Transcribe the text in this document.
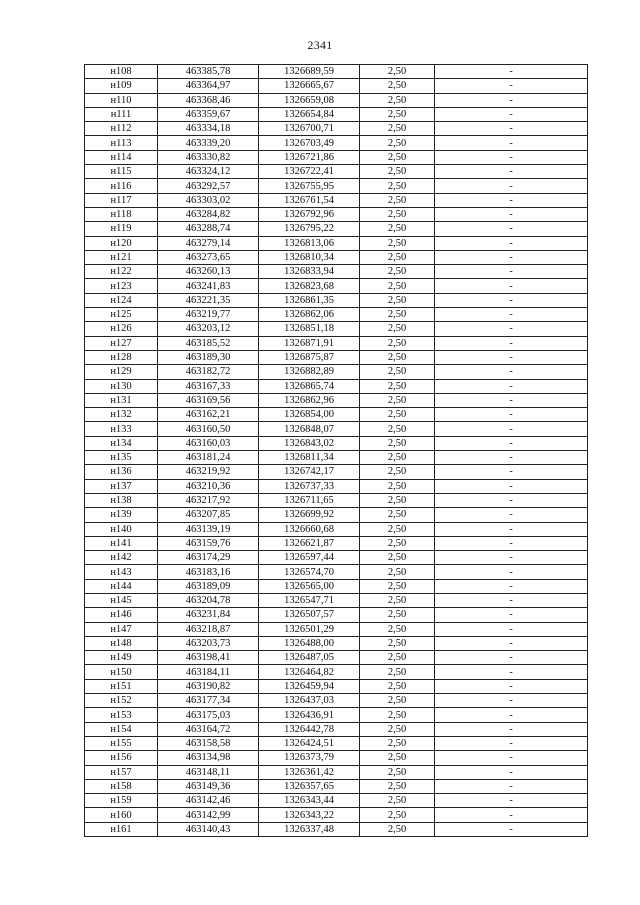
2341
н108	463385,78	1326689,59	2,50	-
н109	463364,97	1326665,67	2,50	-
н110	463368,46	1326659,08	2,50	-
н111	463359,67	1326654,84	2,50	-
н112	463334,18	1326700,71	2,50	-
н113	463339,20	1326703,49	2,50	-
н114	463330,82	1326721,86	2,50	-
н115	463324,12	1326722,41	2,50	-
н116	463292,57	1326755,95	2,50	-
н117	463303,02	1326761,54	2,50	-
н118	463284,82	1326792,96	2,50	-
н119	463288,74	1326795,22	2,50	-
н120	463279,14	1326813,06	2,50	-
н121	463273,65	1326810,34	2,50	-
н122	463260,13	1326833,94	2,50	-
н123	463241,83	1326823,68	2,50	-
н124	463221,35	1326861,35	2,50	-
н125	463219,77	1326862,06	2,50	-
н126	463203,12	1326851,18	2,50	-
н127	463185,52	1326871,91	2,50	-
н128	463189,30	1326875,87	2,50	-
н129	463182,72	1326882,89	2,50	-
н130	463167,33	1326865,74	2,50	-
н131	463169,56	1326862,96	2,50	-
н132	463162,21	1326854,00	2,50	-
н133	463160,50	1326848,07	2,50	-
н134	463160,03	1326843,02	2,50	-
н135	463181,24	1326811,34	2,50	-
н136	463219,92	1326742,17	2,50	-
н137	463210,36	1326737,33	2,50	-
н138	463217,92	1326711,65	2,50	-
н139	463207,85	1326699,92	2,50	-
н140	463139,19	1326660,68	2,50	-
н141	463159,76	1326621,87	2,50	-
н142	463174,29	1326597,44	2,50	-
н143	463183,16	1326574,70	2,50	-
н144	463189,09	1326565,00	2,50	-
н145	463204,78	1326547,71	2,50	-
н146	463231,84	1326507,57	2,50	-
н147	463218,87	1326501,29	2,50	-
н148	463203,73	1326488,00	2,50	-
н149	463198,41	1326487,05	2,50	-
н150	463184,11	1326464,82	2,50	-
н151	463190,82	1326459,94	2,50	-
н152	463177,34	1326437,03	2,50	-
н153	463175,03	1326436,91	2,50	-
н154	463164,72	1326442,78	2,50	-
н155	463158,58	1326424,51	2,50	-
н156	463134,98	1326373,79	2,50	-
н157	463148,11	1326361,42	2,50	-
н158	463149,36	1326357,65	2,50	-
н159	463142,46	1326343,44	2,50	-
н160	463142,99	1326343,22	2,50	-
н161	463140,43	1326337,48	2,50	-
